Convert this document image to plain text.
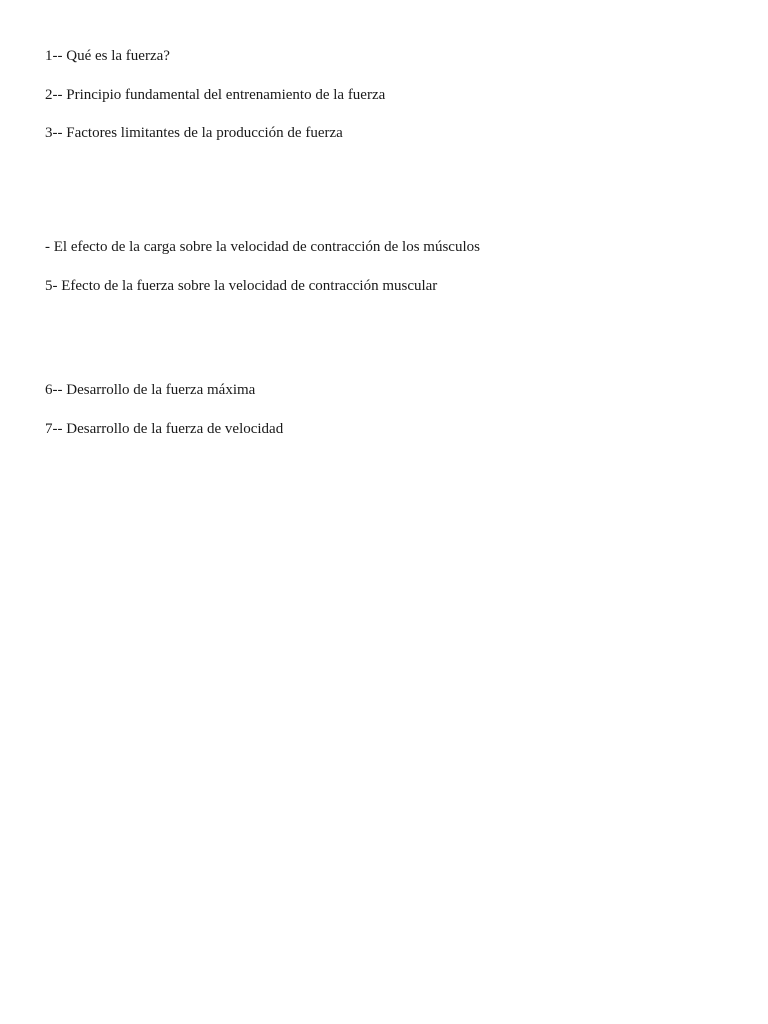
1-- Qué es la fuerza?

2-- Principio fundamental del entrenamiento de la fuerza

3-- Factores limitantes de la producción de fuerza

- El efecto de la carga sobre la velocidad de contracción de los músculos

5- Efecto de la fuerza sobre la velocidad de contracción muscular

6-- Desarrollo de la fuerza máxima

7-- Desarrollo de la fuerza de velocidad
